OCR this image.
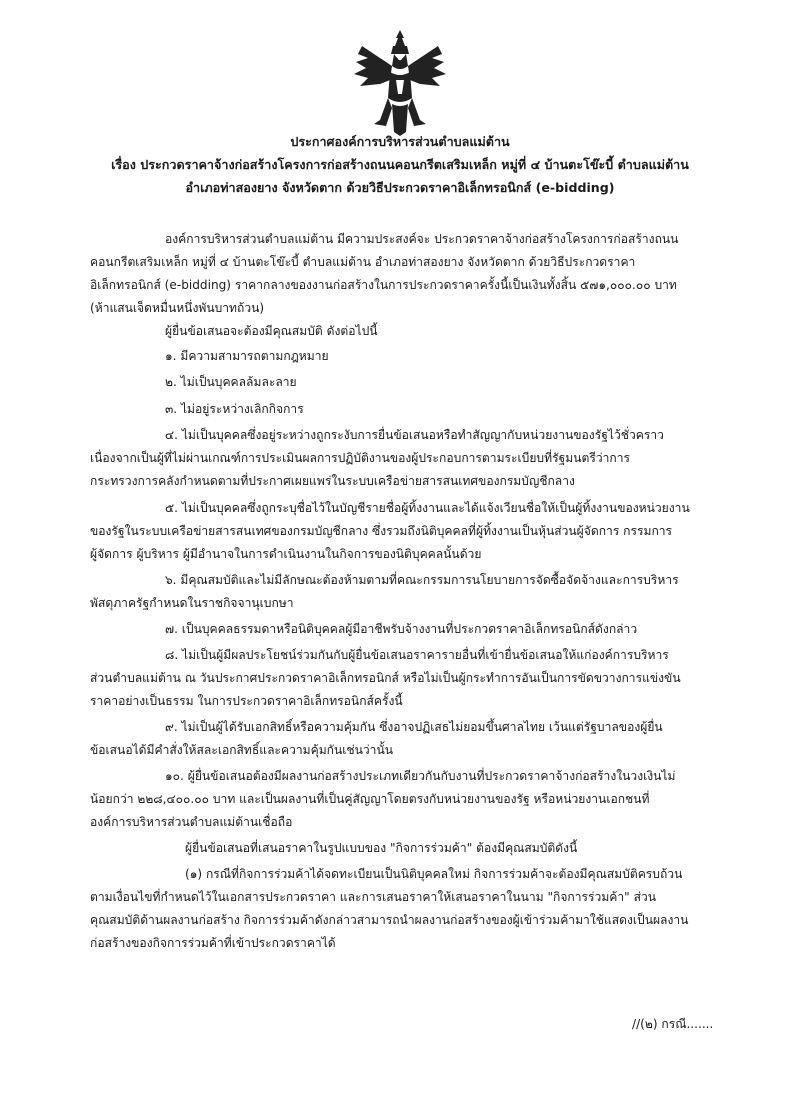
ประกาศองค์การบริหารส่วนตำบลแม่ต้าน
เรื่อง ประกวดราคาจ้างก่อสร้างโครงการก่อสร้างถนนคอนกรีตเสริมเหล็ก หมู่ที่ ๔ บ้านตะโข๊ะบี้ ตำบลแม่ต้าน
อำเภอท่าสองยาง จังหวัดตาก ด้วยวิธีประกวดราคาอิเล็กทรอนิกส์ (e-bidding)
องค์การบริหารส่วนตำบลแม่ต้าน มีความประสงค์จะ ประกวดราคาจ้างก่อสร้างโครงการก่อสร้างถนน
คอนกรีตเสริมเหล็ก หมู่ที่ ๔ บ้านตะโข๊ะบี้ ตำบลแม่ต้าน อำเภอท่าสองยาง จังหวัดตาก ด้วยวิธีประกวดราคา
อิเล็กทรอนิกส์ (e-bidding) ราคากลางของงานก่อสร้างในการประกวดราคาครั้งนี้เป็นเงินทั้งสิ้น ๕๗๑,๐๐๐.๐๐ บาท
(ห้าแสนเจ็ดหมื่นหนึ่งพันบาทถ้วน)
ผู้ยื่นข้อเสนอจะต้องมีคุณสมบัติ ดังต่อไปนี้
๑. มีความสามารถตามกฎหมาย
๒. ไม่เป็นบุคคลล้มละลาย
๓. ไม่อยู่ระหว่างเลิกกิจการ
๔. ไม่เป็นบุคคลซึ่งอยู่ระหว่างถูกระงับการยื่นข้อเสนอหรือทำสัญญากับหน่วยงานของรัฐไว้ชั่วคราว
เนื่องจากเป็นผู้ที่ไม่ผ่านเกณฑ์การประเมินผลการปฏิบัติงานของผู้ประกอบการตามระเบียบที่รัฐมนตรีว่าการ
กระทรวงการคลังกำหนดตามที่ประกาศเผยแพร่ในระบบเครือข่ายสารสนเทศของกรมบัญชีกลาง
๕. ไม่เป็นบุคคลซึ่งถูกระบุชื่อไว้ในบัญชีรายชื่อผู้ทิ้งงานและได้แจ้งเวียนชื่อให้เป็นผู้ทิ้งงานของหน่วยงาน
ของรัฐในระบบเครือข่ายสารสนเทศของกรมบัญชีกลาง ซึ่งรวมถึงนิติบุคคลที่ผู้ทิ้งงานเป็นหุ้นส่วนผู้จัดการ กรรมการ
ผู้จัดการ ผู้บริหาร ผู้มีอำนาจในการดำเนินงานในกิจการของนิติบุคคลนั้นด้วย
๖. มีคุณสมบัติและไม่มีลักษณะต้องห้ามตามที่คณะกรรมการนโยบายการจัดซื้อจัดจ้างและการบริหาร
พัสดุภาครัฐกำหนดในราชกิจจานุเบกษา
๗. เป็นบุคคลธรรมดาหรือนิติบุคคลผู้มีอาชีพรับจ้างงานที่ประกวดราคาอิเล็กทรอนิกส์ดังกล่าว
๘. ไม่เป็นผู้มีผลประโยชน์ร่วมกันกับผู้ยื่นข้อเสนอราคารายอื่นที่เข้ายื่นข้อเสนอให้แก่องค์การบริหาร
ส่วนตำบลแม่ต้าน ณ วันประกาศประกวดราคาอิเล็กทรอนิกส์ หรือไม่เป็นผู้กระทำการอันเป็นการขัดขวางการแข่งขัน
ราคาอย่างเป็นธรรม ในการประกวดราคาอิเล็กทรอนิกส์ครั้งนี้
๙. ไม่เป็นผู้ได้รับเอกสิทธิ์หรือความคุ้มกัน ซึ่งอาจปฏิเสธไม่ยอมขึ้นศาลไทย เว้นแต่รัฐบาลของผู้ยื่น
ข้อเสนอได้มีคำสั่งให้สละเอกสิทธิ์และความคุ้มกันเช่นว่านั้น
๑๐. ผู้ยื่นข้อเสนอต้องมีผลงานก่อสร้างประเภทเดียวกันกับงานที่ประกวดราคาจ้างก่อสร้างในวงเงินไม่
น้อยกว่า ๒๒๘,๔๐๐.๐๐ บาท และเป็นผลงานที่เป็นคู่สัญญาโดยตรงกับหน่วยงานของรัฐ หรือหน่วยงานเอกชนที่
องค์การบริหารส่วนตำบลแม่ต้านเชื่อถือ
ผู้ยื่นข้อเสนอที่เสนอราคาในรูปแบบของ "กิจการร่วมค้า" ต้องมีคุณสมบัติดังนี้
(๑) กรณีที่กิจการร่วมค้าได้จดทะเบียนเป็นนิติบุคคลใหม่ กิจการร่วมค้าจะต้องมีคุณสมบัติครบถ้วน
ตามเงื่อนไขที่กำหนดไว้ในเอกสารประกวดราคา และการเสนอราคาให้เสนอราคาในนาม "กิจการร่วมค้า" ส่วน
คุณสมบัติด้านผลงานก่อสร้าง กิจการร่วมค้าดังกล่าวสามารถนำผลงานก่อสร้างของผู้เข้าร่วมค้ามาใช้แสดงเป็นผลงาน
ก่อสร้างของกิจการร่วมค้าที่เข้าประกวดราคาได้
//(๒) กรณี.......
